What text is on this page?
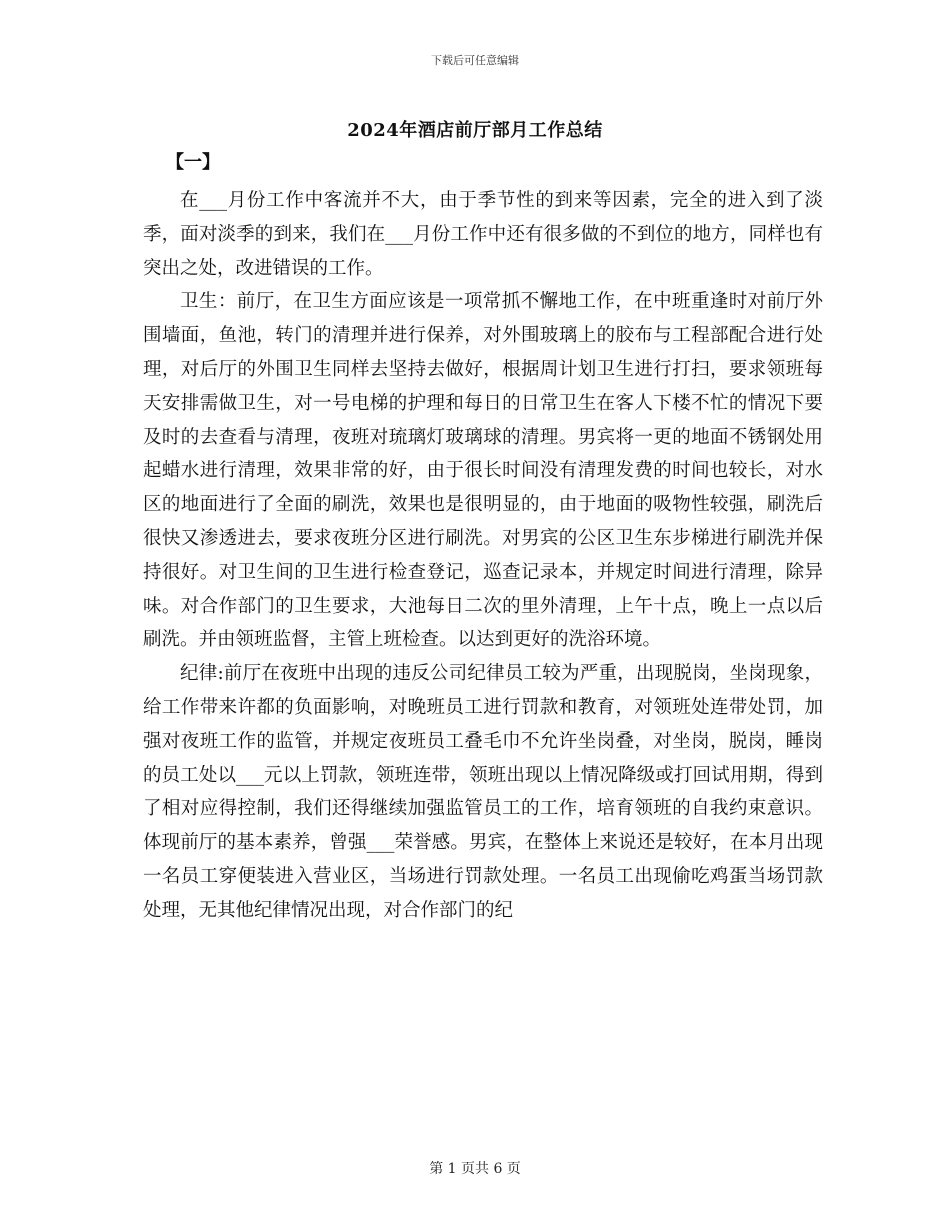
下载后可任意编辑
2024年酒店前厅部月工作总结
【一】

在___月份工作中客流并不大，由于季节性的到来等因素，完全的进入到了淡季，面对淡季的到来，我们在___月份工作中还有很多做的不到位的地方，同样也有突出之处，改进错误的工作。

卫生：前厅，在卫生方面应该是一项常抓不懈地工作，在中班重逢时对前厅外围墙面，鱼池，转门的清理并进行保养，对外围玻璃上的胶布与工程部配合进行处理，对后厅的外围卫生同样去坚持去做好，根据周计划卫生进行打扫，要求领班每天安排需做卫生，对一号电梯的护理和每日的日常卫生在客人下楼不忙的情况下要及时的去查看与清理，夜班对琉璃灯玻璃球的清理。男宾将一更的地面不锈钢处用起蜡水进行清理，效果非常的好，由于很长时间没有清理发费的时间也较长，对水区的地面进行了全面的刷洗，效果也是很明显的，由于地面的吸物性较强，刷洗后很快又渗透进去，要求夜班分区进行刷洗。对男宾的公区卫生东步梯进行刷洗并保持很好。对卫生间的卫生进行检查登记，巡查记录本，并规定时间进行清理，除异味。对合作部门的卫生要求，大池每日二次的里外清理，上午十点，晚上一点以后刷洗。并由领班监督，主管上班检查。以达到更好的洗浴环境。

纪律:前厅在夜班中出现的违反公司纪律员工较为严重，出现脱岗，坐岗现象，给工作带来许都的负面影响，对晚班员工进行罚款和教育，对领班处连带处罚，加强对夜班工作的监管，并规定夜班员工叠毛巾不允许坐岗叠，对坐岗，脱岗，睡岗的员工处以___元以上罚款，领班连带，领班出现以上情况降级或打回试用期，得到了相对应得控制，我们还得继续加强监管员工的工作，培育领班的自我约束意识。体现前厅的基本素养，曾强___荣誉感。男宾，在整体上来说还是较好，在本月出现一名员工穿便装进入营业区，当场进行罚款处理。一名员工出现偷吃鸡蛋当场罚款处理，无其他纪律情况出现，对合作部门的纪

第 1 页共 6 页
